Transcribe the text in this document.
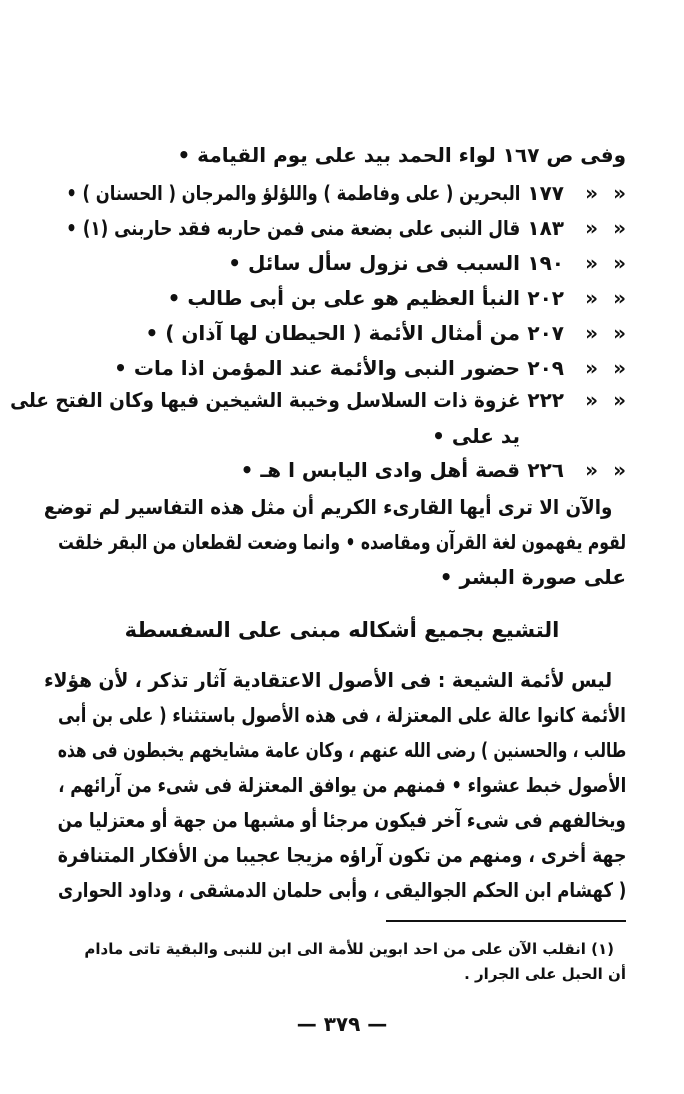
وفى ص ١٦٧ لواء الحمد بيد على يوم القيامة •
«
«
١٧٧
البحرين ( على وفاطمة ) واللؤلؤ والمرجان ( الحسنان ) •
«
«
١٨٣
قال النبى على بضعة منى فمن حاربه فقد حاربنى (١) •
«
«
١٩٠
السبب فى نزول سأل سائل •
«
«
٢٠٢
النبأ العظيم هو على بن أبى طالب •
«
«
٢٠٧
من أمثال الأئمة ( الحيطان لها آذان ) •
«
«
٢٠٩
حضور النبى والأئمة عند المؤمن اذا مات •
«
«
٢٢٢
غزوة ذات السلاسل وخيبة الشيخين فيها وكان الفتح على
يد على •
«
«
٢٢٦
قصة أهل وادى اليابس ا هـ •
والآن الا ترى أيها القارىء الكريم أن مثل هذه التفاسير لم توضع
لقوم يفهمون لغة القرآن ومقاصده • وانما وضعت لقطعان من البقر خلقت
على صورة البشر •
التشيع بجميع أشكاله مبنى على السفسطة
ليس لأئمة الشيعة : فى الأصول الاعتقادية آثار تذكر ، لأن هؤلاء
الأئمة كانوا عالة على المعتزلة ، فى هذه الأصول باستثناء ( على بن أبى
طالب ، والحسنين ) رضى الله عنهم ، وكان عامة مشايخهم يخبطون فى هذه
الأصول خبط عشواء • فمنهم من يوافق المعتزلة فى شىء من آرائهم ،
ويخالفهم فى شىء آخر فيكون مرجئا أو مشبها من جهة أو معتزليا من
جهة أخرى ، ومنهم من تكون آراؤه مزيجا عجيبا من الأفكار المتنافرة
( كهشام ابن الحكم الجواليقى ، وأبى حلمان الدمشقى ، وداود الحوارى
(١) انقلب الآن على من احد ابوين للأمة الى ابن للنبى والبقية تاتى مادام
أن الحبل على الجرار .
— ٣٧٩ —
